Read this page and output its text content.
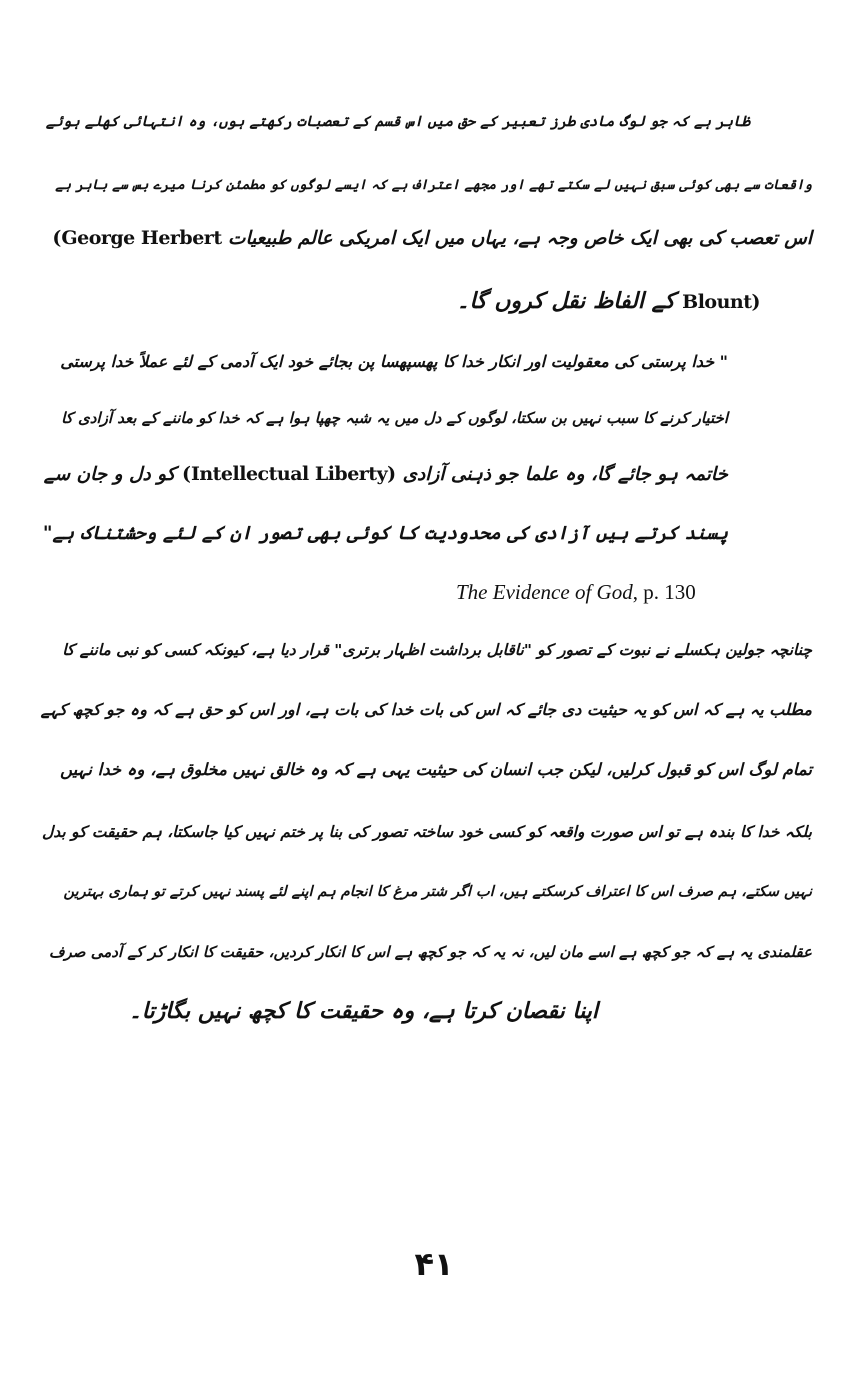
ظاہر ہے کہ جو لوگ مادی طرز تعبیر کے حق میں اس قسم کے تعصبات رکھتے ہوں، وہ انتہائی کھلے ہوئے
واقعات سے بھی کوئی سبق نہیں لے سکتے تھے اور مجھے اعتراف ہے کہ ایسے لوگوں کو مطمئن کرنا میرے بس سے باہر ہے
اس تعصب کی بھی ایک خاص وجہ ہے، یہاں میں ایک امریکی عالم طبیعیات (George Herbert
Blount) کے الفاظ نقل کروں گا۔
" خدا پرستی کی معقولیت اور انکار خدا کا پھسپھسا پن بجائے خود ایک آدمی کے لئے عملاً خدا پرستی
اختیار کرنے کا سبب نہیں بن سکتا، لوگوں کے دل میں یہ شبہ چھپا ہوا ہے کہ خدا کو ماننے کے بعد آزادی کا
خاتمہ ہو جائے گا، وہ علما جو ذہنی آزادی (Intellectual Liberty) کو دل و جان سے
پسند کرتے ہیں آزادی کی محدودیت کا کوئی بھی تصور ان کے لئے وحشتناک ہے"
The Evidence of God, p. 130
چنانچہ جولین ہکسلے نے نبوت کے تصور کو "ناقابل برداشت اظہار برتری" قرار دیا ہے، کیونکہ کسی کو نبی ماننے کا
مطلب یہ ہے کہ اس کو یہ حیثیت دی جائے کہ اس کی بات خدا کی بات ہے، اور اس کو حق ہے کہ وہ جو کچھ کہے
تمام لوگ اس کو قبول کرلیں، لیکن جب انسان کی حیثیت یہی ہے کہ وہ خالق نہیں مخلوق ہے، وہ خدا نہیں
بلکہ خدا کا بندہ ہے تو اس صورت واقعہ کو کسی خود ساختہ تصور کی بنا پر ختم نہیں کیا جاسکتا، ہم حقیقت کو بدل
نہیں سکتے، ہم صرف اس کا اعتراف کرسکتے ہیں، اب اگر شتر مرغ کا انجام ہم اپنے لئے پسند نہیں کرتے تو ہماری بہترین
عقلمندی یہ ہے کہ جو کچھ ہے اسے مان لیں، نہ یہ کہ جو کچھ ہے اس کا انکار کردیں، حقیقت کا انکار کر کے آدمی صرف
اپنا نقصان کرتا ہے، وہ حقیقت کا کچھ نہیں بگاڑتا۔
۴۱
